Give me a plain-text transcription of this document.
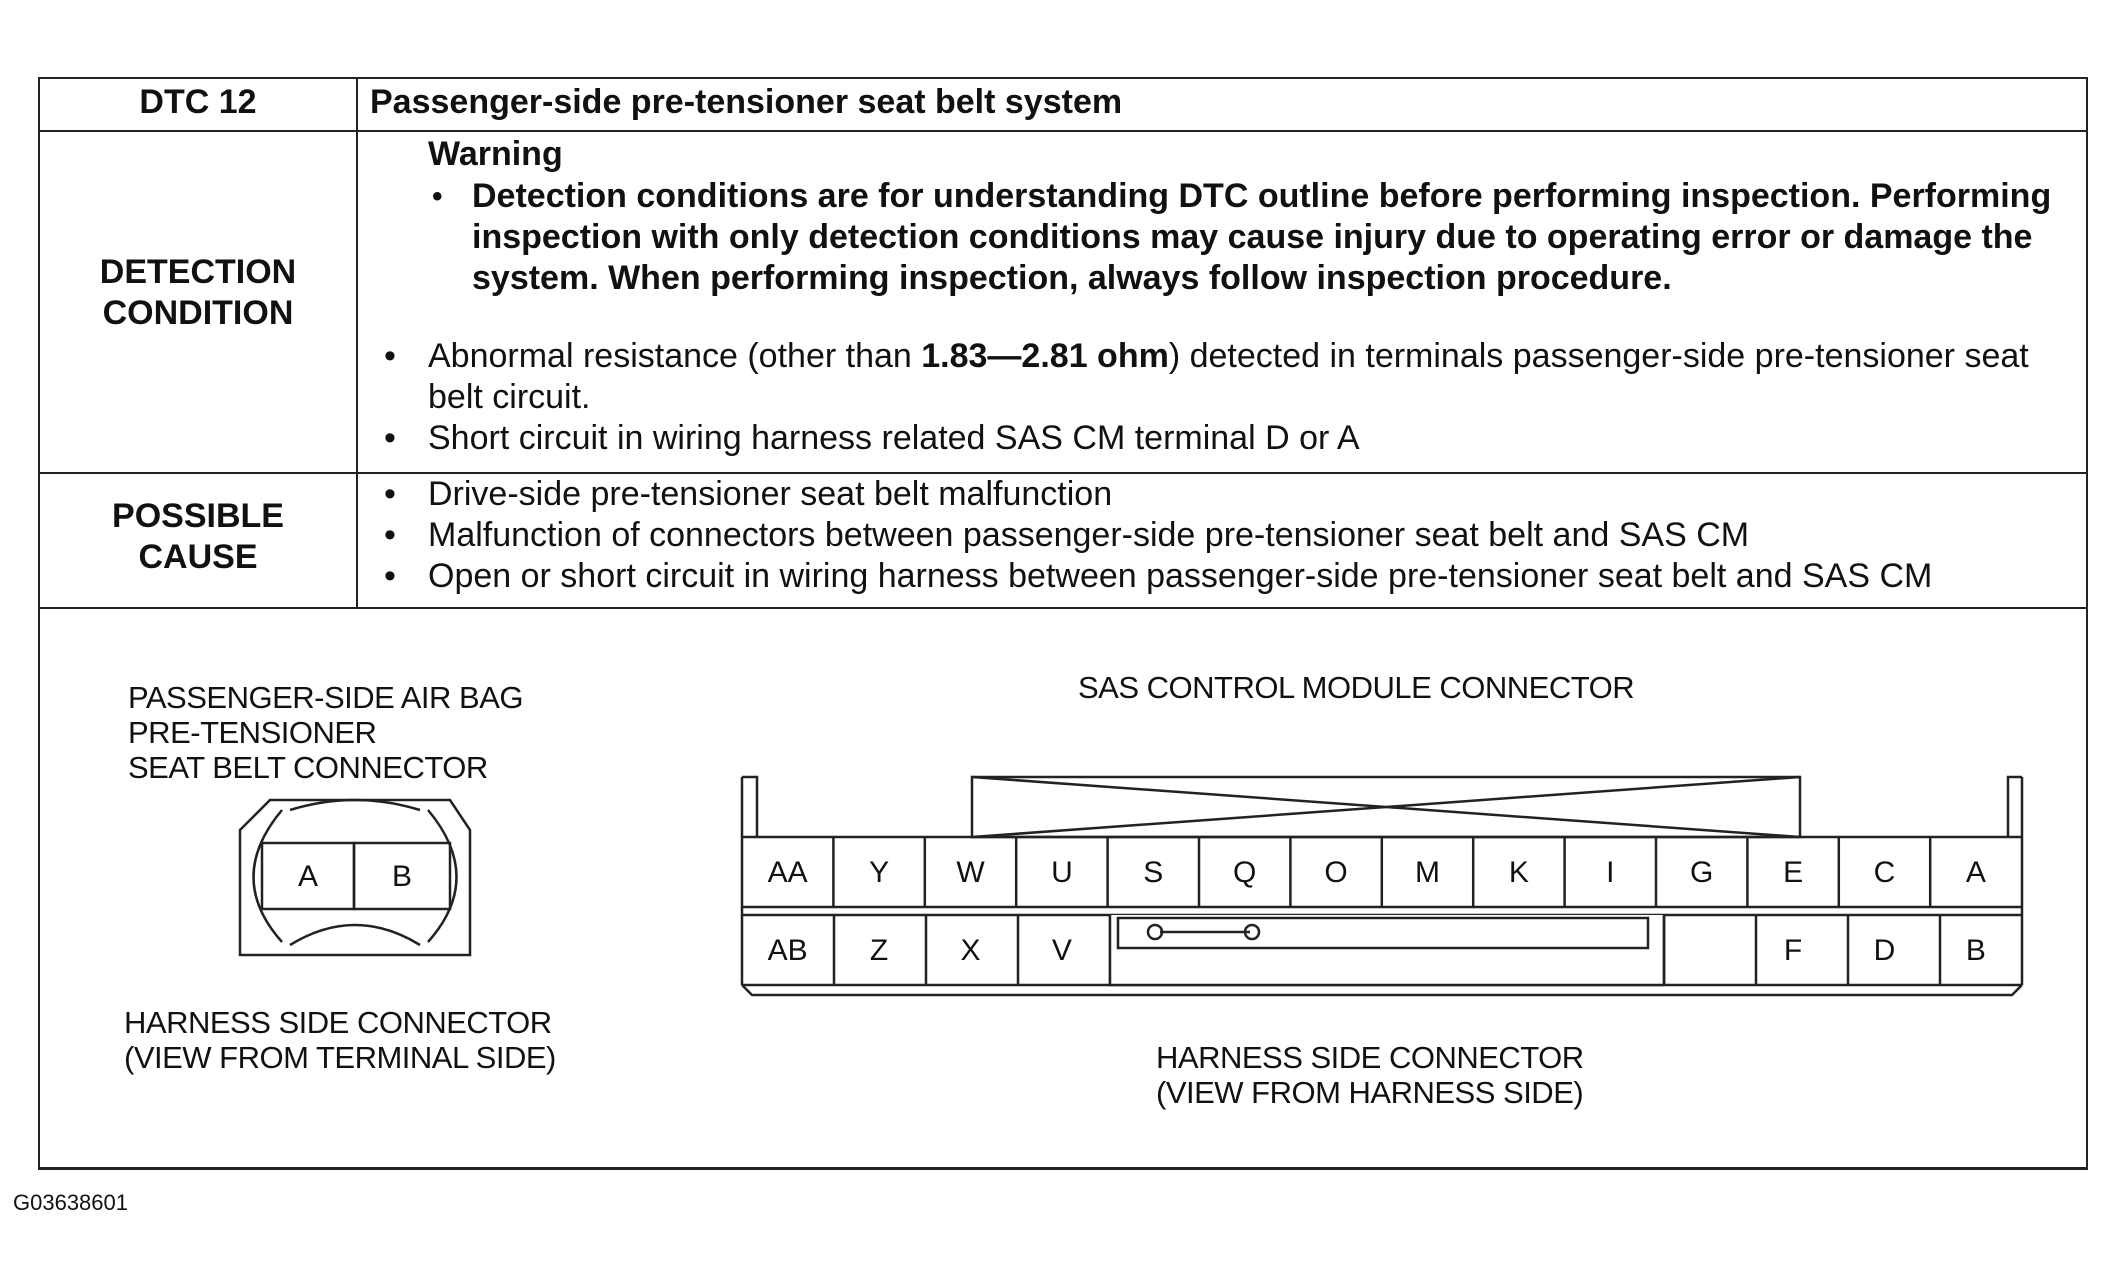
DTC 12	Passenger-side pre-tensioner seat belt system
DETECTION
CONDITION
Warning
• Detection conditions are for understanding DTC outline before performing inspection. Performing inspection with only detection conditions may cause injury due to operating error or damage the system. When performing inspection, always follow inspection procedure.
• Abnormal resistance (other than 1.83—2.81 ohm) detected in terminals passenger-side pre-tensioner seat belt circuit.
• Short circuit in wiring harness related SAS CM terminal D or A
POSSIBLE
CAUSE
• Drive-side pre-tensioner seat belt malfunction
• Malfunction of connectors between passenger-side pre-tensioner seat belt and SAS CM
• Open or short circuit in wiring harness between passenger-side pre-tensioner seat belt and SAS CM
PASSENGER-SIDE AIR BAG
PRE-TENSIONER
SEAT BELT CONNECTOR
HARNESS SIDE CONNECTOR
(VIEW FROM TERMINAL SIDE)
SAS CONTROL MODULE CONNECTOR
HARNESS SIDE CONNECTOR
(VIEW FROM HARNESS SIDE)
A B	AA Y W U S Q O M K	I	G E C A
AB Z X V	F D B
G03638601
